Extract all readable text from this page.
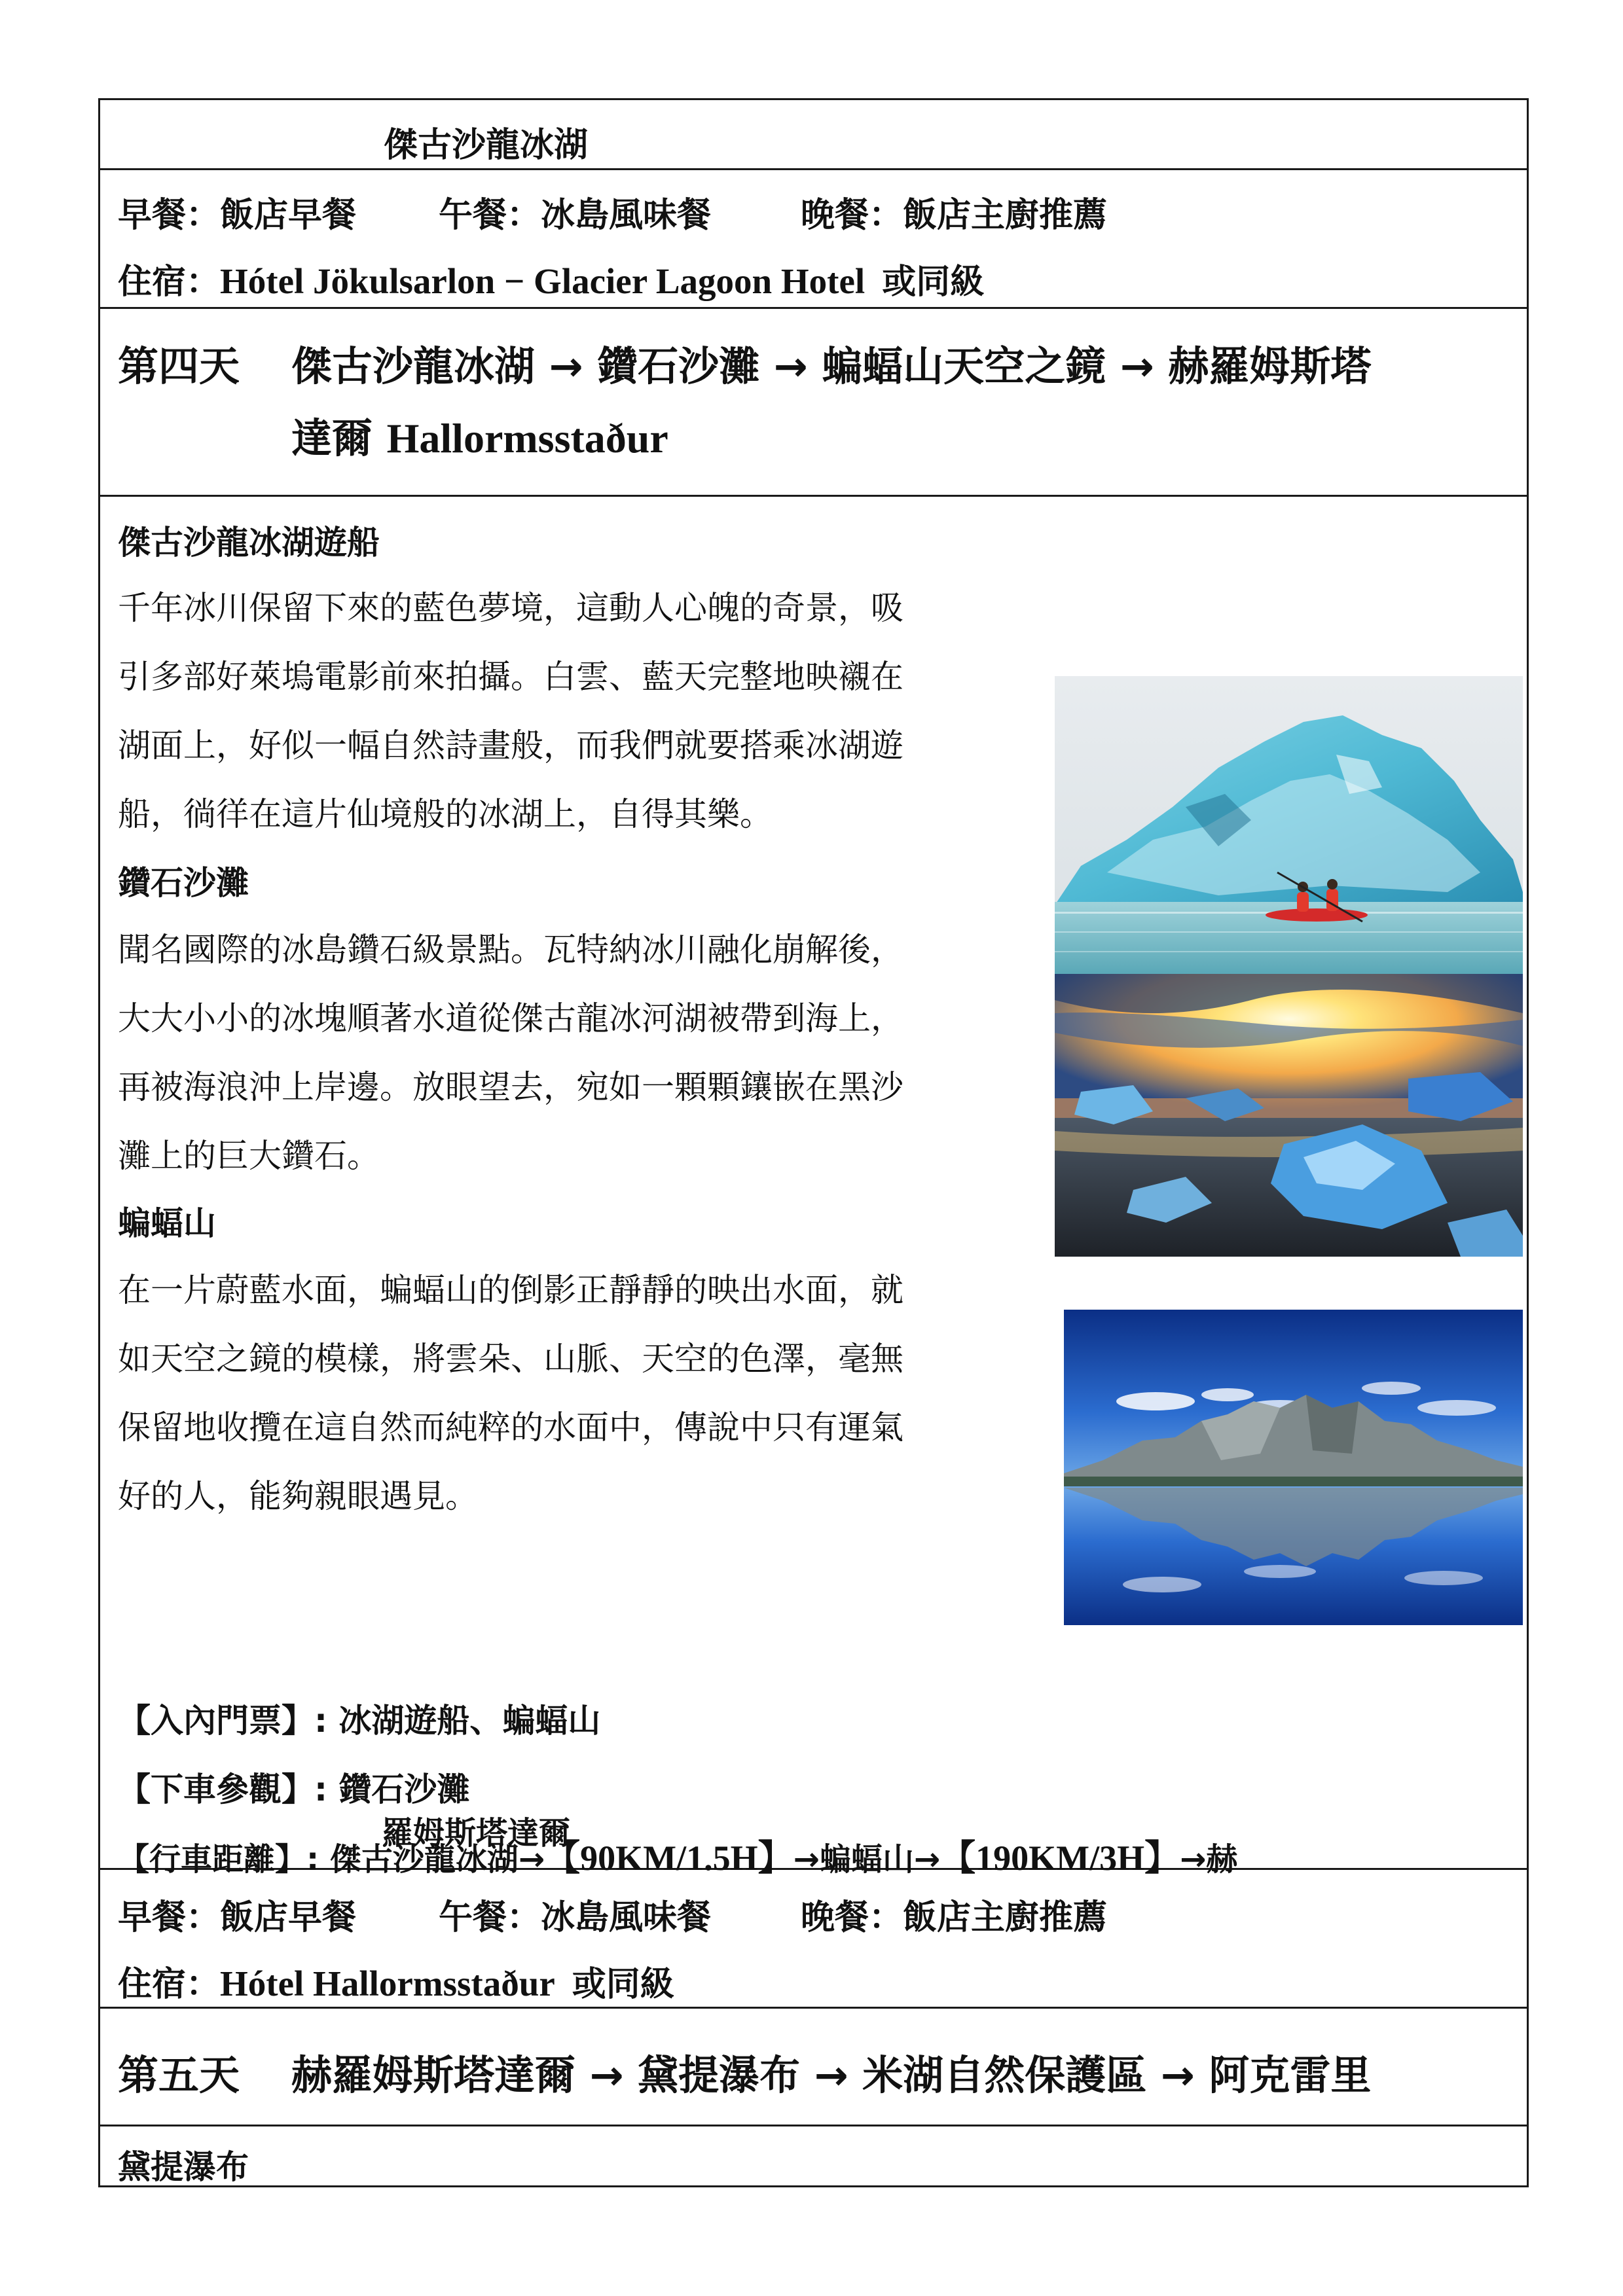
傑古沙龍冰湖
早餐：飯店早餐 午餐：冰島風味餐	晚餐：飯店主廚推薦
住宿：Hótel Jökulsarlon − Glacier Lagoon Hotel 或同級
第四天 傑古沙龍冰湖 → 鑽石沙灘 → 蝙蝠山天空之鏡 → 赫羅姆斯塔
達爾 Hallormsstaður
傑古沙龍冰湖遊船
千年冰川保留下來的藍色夢境，這動人心魄的奇景，吸
引多部好萊塢電影前來拍攝。白雲、藍天完整地映襯在
湖面上，好似一幅自然詩畫般，而我們就要搭乘冰湖遊
船，徜徉在這片仙境般的冰湖上，自得其樂。
鑽石沙灘
聞名國際的冰島鑽石級景點。瓦特納冰川融化崩解後，
大大小小的冰塊順著水道從傑古龍冰河湖被帶到海上，
再被海浪沖上岸邊。放眼望去，宛如一顆顆鑲嵌在黑沙
灘上的巨大鑽石。
蝙蝠山
在一片蔚藍水面，蝙蝠山的倒影正靜靜的映出水面，就
如天空之鏡的模樣，將雲朵、山脈、天空的色澤，毫無
保留地收攬在這自然而純粹的水面中，傳說中只有運氣
好的人，能夠親眼遇見。
【入內門票】: 冰湖遊船、蝙蝠山
【下車參觀】: 鑽石沙灘
【行車距離】: 傑古沙龍冰湖→【90KM/1.5H】→蝙蝠山→【190KM/3H】→赫
早餐：飯店早餐 午餐：冰島風味餐	晚餐：飯店主廚推薦
住宿：Hótel Hallormsstaður 或同級
第五天 赫羅姆斯塔達爾 → 黛提瀑布 → 米湖自然保護區 → 阿克雷里
黛提瀑布
羅姆斯塔達爾
